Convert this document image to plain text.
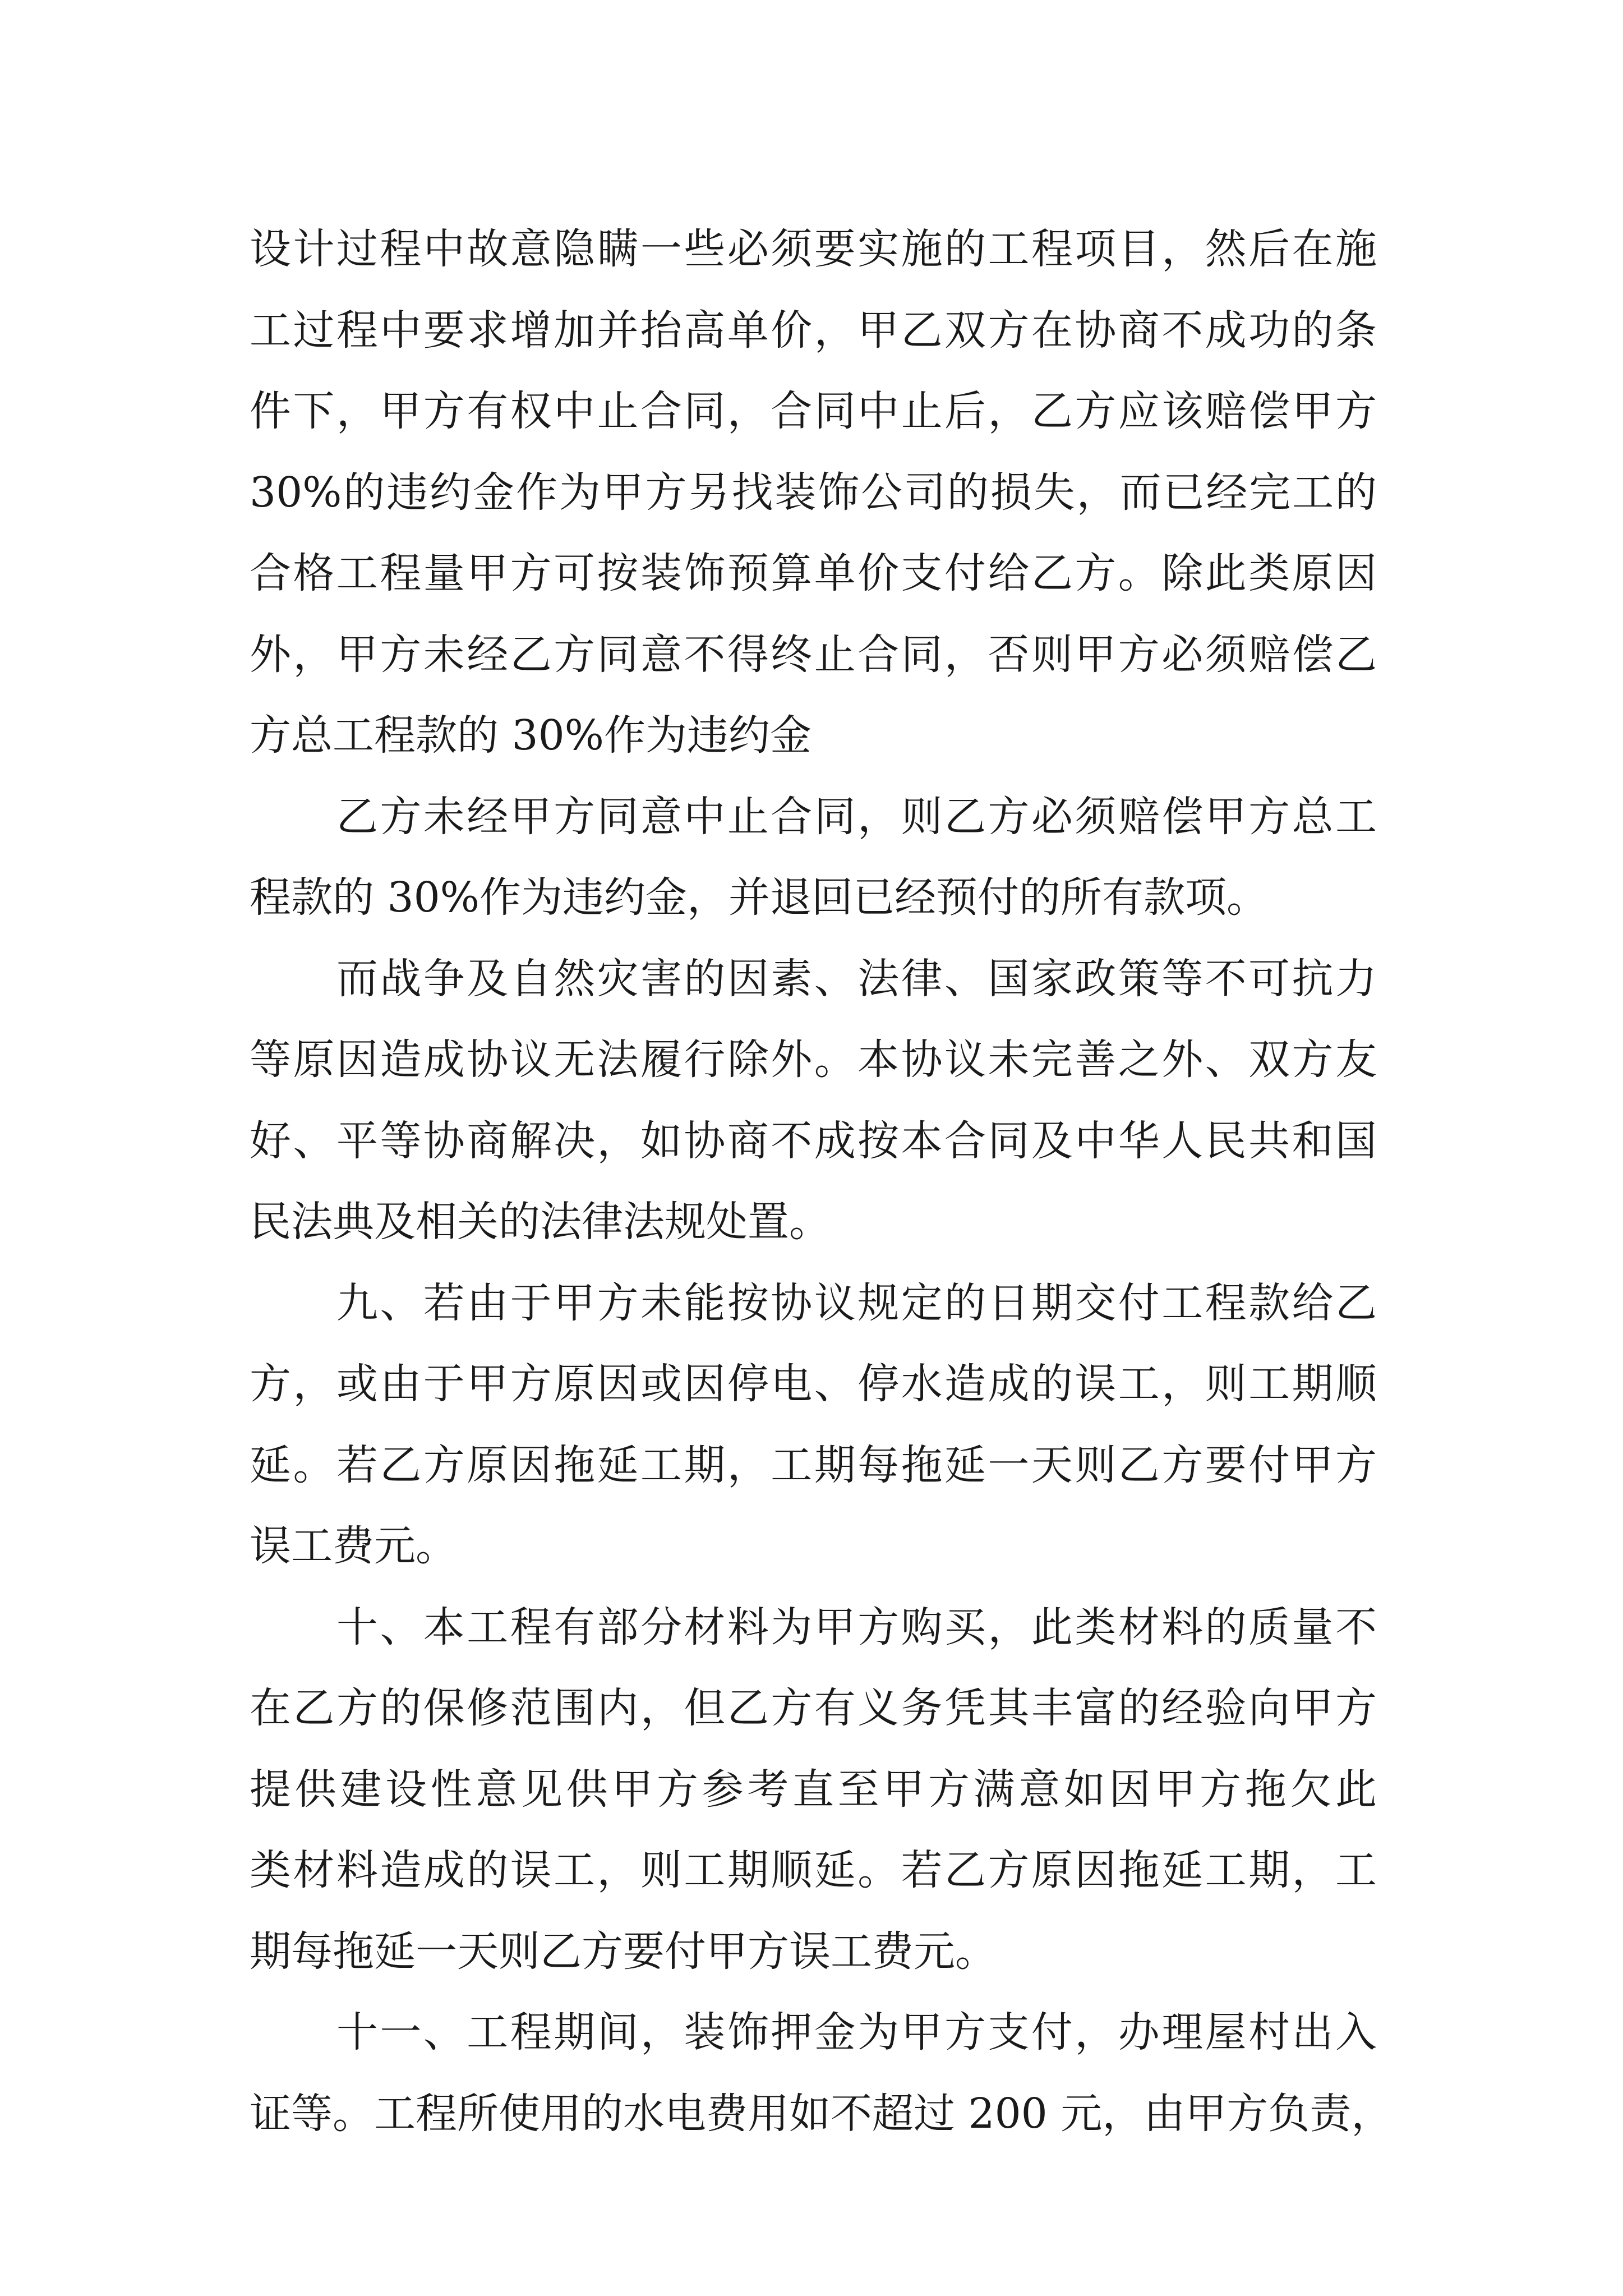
设计过程中故意隐瞒一些必须要实施的工程项目，然后在施
工过程中要求增加并抬高单价，甲乙双方在协商不成功的条
件下，甲方有权中止合同，合同中止后，乙方应该赔偿甲方
30%的违约金作为甲方另找装饰公司的损失，而已经完工的
合格工程量甲方可按装饰预算单价支付给乙方。除此类原因
外，甲方未经乙方同意不得终止合同，否则甲方必须赔偿乙
方总工程款的 30%作为违约金
　　乙方未经甲方同意中止合同，则乙方必须赔偿甲方总工
程款的 30%作为违约金，并退回已经预付的所有款项。
　　而战争及自然灾害的因素、法律、国家政策等不可抗力
等原因造成协议无法履行除外。本协议未完善之外、双方友
好、平等协商解决，如协商不成按本合同及中华人民共和国
民法典及相关的法律法规处置。
　　九、若由于甲方未能按协议规定的日期交付工程款给乙
方，或由于甲方原因或因停电、停水造成的误工，则工期顺
延。若乙方原因拖延工期，工期每拖延一天则乙方要付甲方
误工费元。
　　十、本工程有部分材料为甲方购买，此类材料的质量不
在乙方的保修范围内，但乙方有义务凭其丰富的经验向甲方
提供建设性意见供甲方参考直至甲方满意如因甲方拖欠此
类材料造成的误工，则工期顺延。若乙方原因拖延工期，工
期每拖延一天则乙方要付甲方误工费元。
　　十一、工程期间，装饰押金为甲方支付，办理屋村出入
证等。工程所使用的水电费用如不超过 200 元，由甲方负责，
